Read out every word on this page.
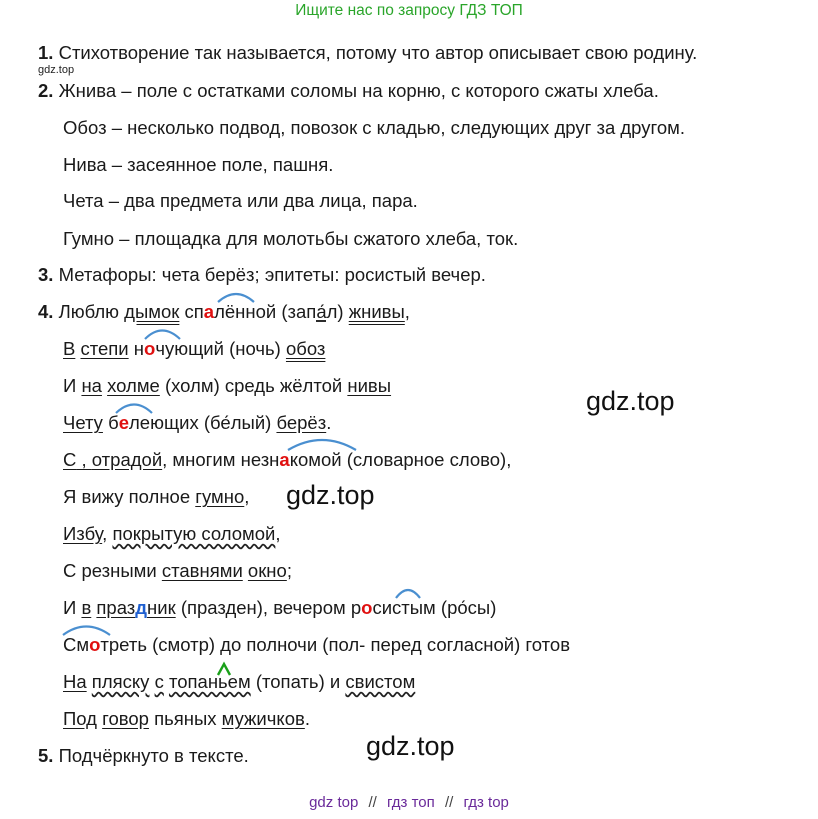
Ищите нас по запросу ГДЗ ТОП
1. Стихотворение так называется, потому что автор описывает свою родину.
gdz.top
2. Жнива – поле с остатками соломы на корню, с которого сжаты хлеба.
Обоз – несколько подвод, повозок с кладью, следующих друг за другом.
Нива – засеянное поле, пашня.
Чета – два предмета или два лица, пара.
Гумно – площадка для молотьбы сжатого хлеба, ток.
3. Метафоры: чета берёз; эпитеты: росистый вечер.
4. Люблю дымок спалённой (запа́л) жнивы,
В степи ночующий (ночь) обоз
И на холме (холм) средь жёлтой нивы
Чету белеющих (бе́лый) берёз.
С , отрадой, многим незнакомой (словарное слово),
Я вижу полное гумно,
Избу, покрытую соломой,
С резными ставнями окно;
И в праздник (празден), вечером росистым (ро́сы)
Смотреть (смотр) до полночи (пол- перед согласной) готов
На пляску с топаньем (топать) и свистом
Под говор пьяных мужичков.
5. Подчёркнуто в тексте.
gdz.top
gdz.top
gdz.top
gdz top // гдз топ // гдз top
